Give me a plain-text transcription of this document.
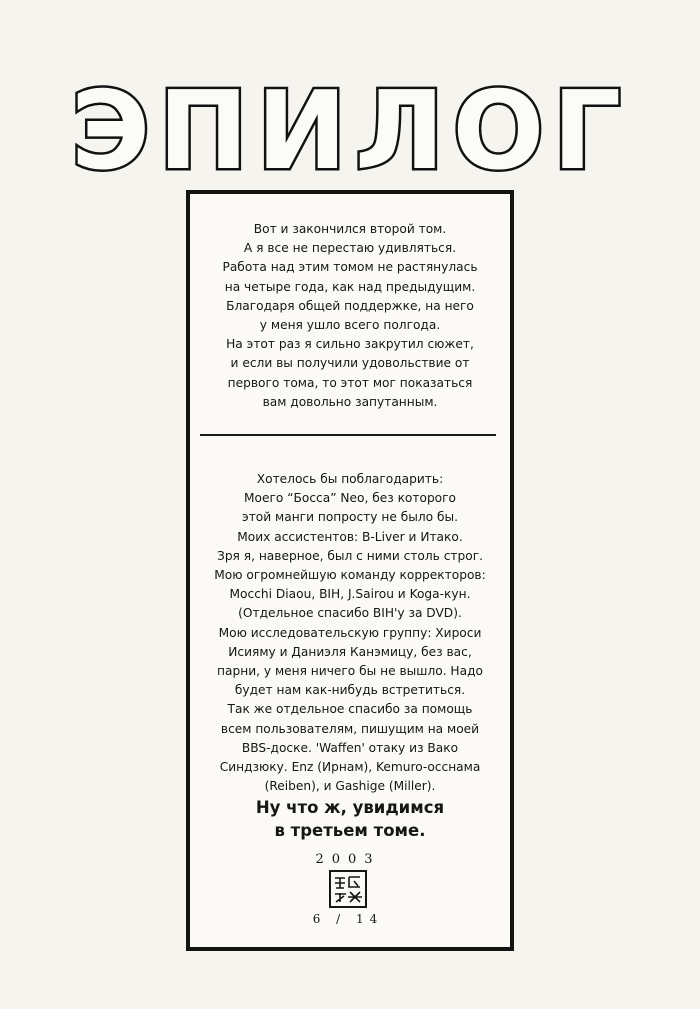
ЭПИЛОГ
Вот и закончился второй том.
А я все не перестаю удивляться.
Работа над этим томом не растянулась
на четыре года, как над предыдущим.
Благодаря общей поддержке, на него
у меня ушло всего полгода.
На этот раз я сильно закрутил сюжет,
и если вы получили удовольствие от
первого тома, то этот мог показаться
вам довольно запутанным.
Хотелось бы поблагодарить:
Моего “Босса” Neo, без которого
этой манги попросту не было бы.
Моих ассистентов: B-Liver и Итако.
Зря я, наверное, был с ними столь строг.
Мою огромнейшую команду корректоров:
Mocchi Diaou, BIH, J.Sairou и Koga-кун.
(Отдельное спасибо BIH'у за DVD).
Мою исследовательскую группу: Хироси
Исияму и Даниэля Канэмицу, без вас,
парни, у меня ничего бы не вышло. Надо
будет нам как-нибудь встретиться.
Так же отдельное спасибо за помощь
всем пользователям, пишущим на моей
BBS-доске. 'Waffen' отаку из Вако
Синдзюку. Enz (Ирнам), Kemuro-осснама
(Reiben), и Gashige (Miller).
Ну что ж, увидимся
в третьем томе.
2003
6 / 14
